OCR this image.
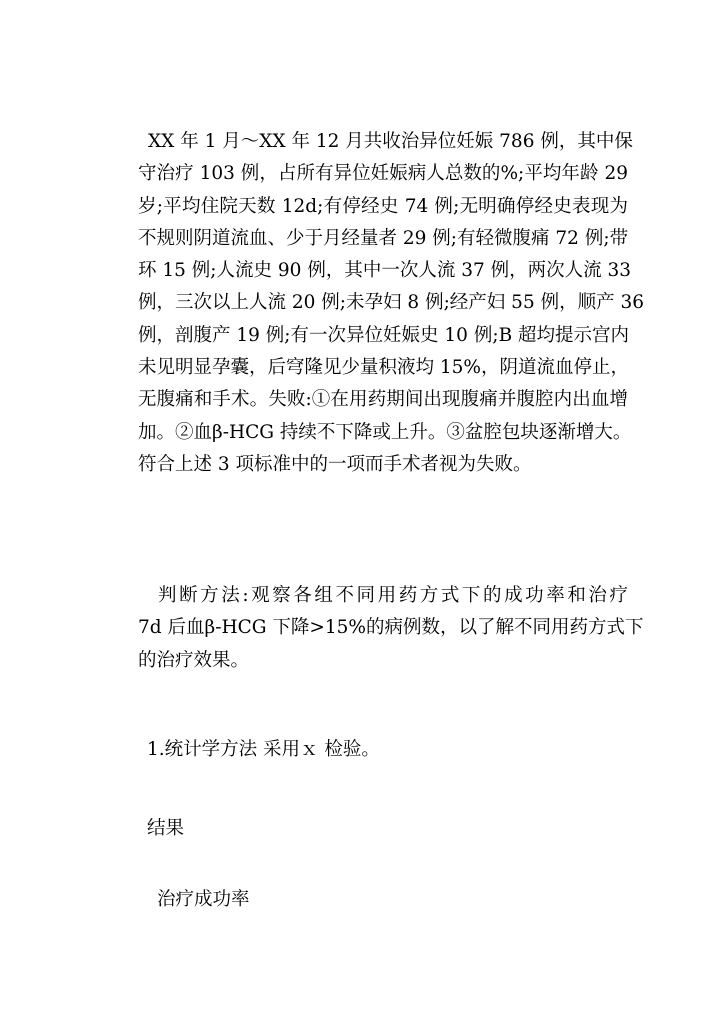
XX 年 1 月～XX 年 12 月共收治异位妊娠 786 例，其中保
守治疗 103 例，占所有异位妊娠病人总数的%;平均年龄 29
岁;平均住院天数 12d;有停经史 74 例;无明确停经史表现为
不规则阴道流血、少于月经量者 29 例;有轻微腹痛 72 例;带
环 15 例;人流史 90 例，其中一次人流 37 例，两次人流 33
例，三次以上人流 20 例;未孕妇 8 例;经产妇 55 例，顺产 36
例，剖腹产 19 例;有一次异位妊娠史 10 例;B 超均提示宫内
未见明显孕囊，后穹隆见少量积液均 15%，阴道流血停止，
无腹痛和手术。失败:①在用药期间出现腹痛并腹腔内出血增
加。②血β-HCG 持续不下降或上升。③盆腔包块逐渐增大。
符合上述 3 项标准中的一项而手术者视为失败。
判断方法:观察各组不同用药方式下的成功率和治疗
7d 后血β-HCG 下降>15%的病例数，以了解不同用药方式下
的治疗效果。

1.统计学方法 采用ｘ 检验。

结果

治疗成功率
